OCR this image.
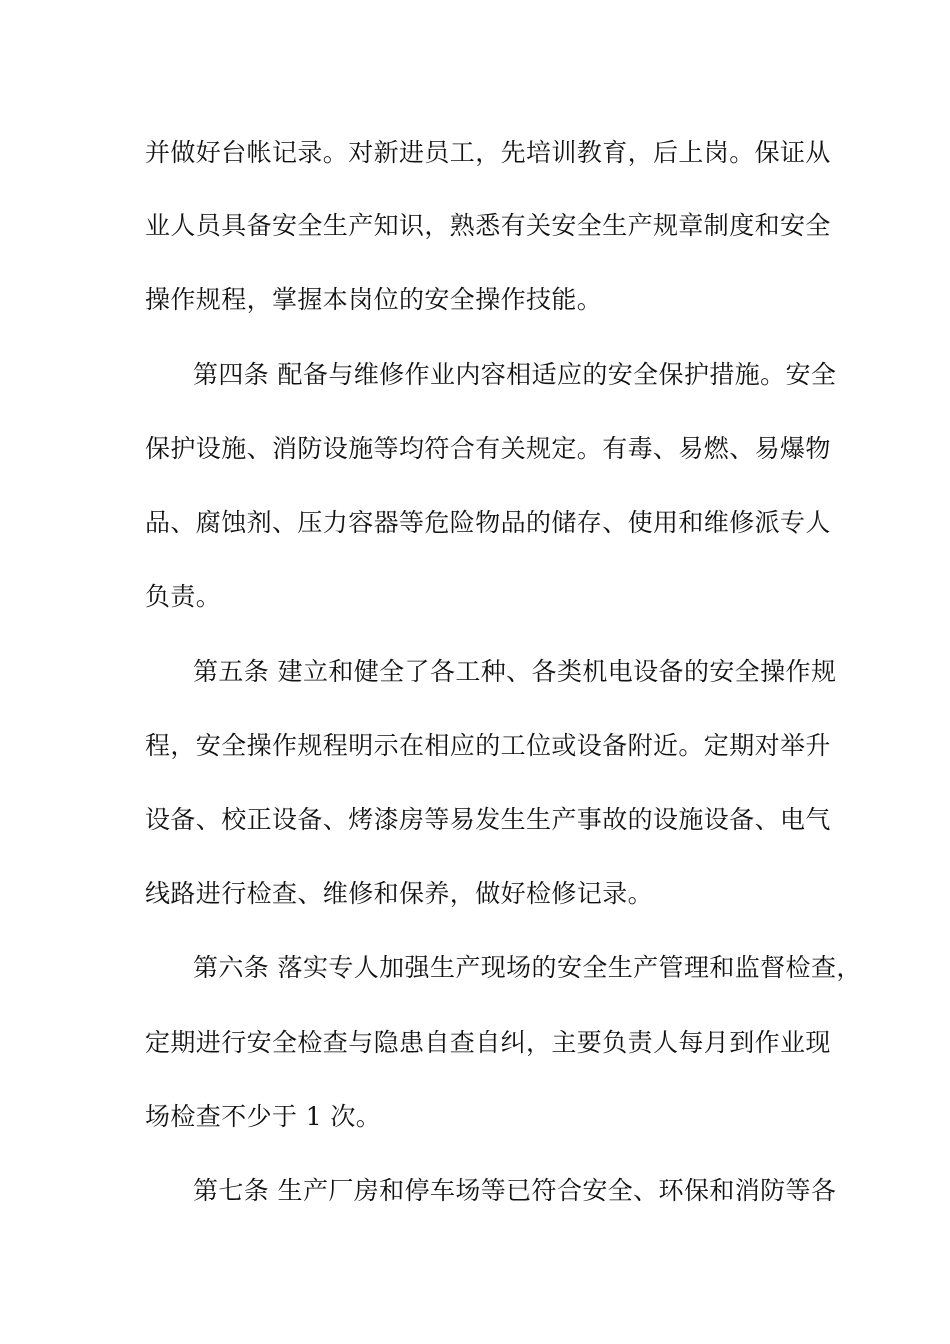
并做好台帐记录。对新进员工，先培训教育，后上岗。保证从
业人员具备安全生产知识，熟悉有关安全生产规章制度和安全
操作规程，掌握本岗位的安全操作技能。
第四条 配备与维修作业内容相适应的安全保护措施。安全
保护设施、消防设施等均符合有关规定。有毒、易燃、易爆物
品、腐蚀剂、压力容器等危险物品的储存、使用和维修派专人
负责。
第五条 建立和健全了各工种、各类机电设备的安全操作规
程，安全操作规程明示在相应的工位或设备附近。定期对举升
设备、校正设备、烤漆房等易发生生产事故的设施设备、电气
线路进行检查、维修和保养，做好检修记录。
第六条 落实专人加强生产现场的安全生产管理和监督检查，
定期进行安全检查与隐患自查自纠，主要负责人每月到作业现
场检查不少于 1 次。
第七条 生产厂房和停车场等已符合安全、环保和消防等各
